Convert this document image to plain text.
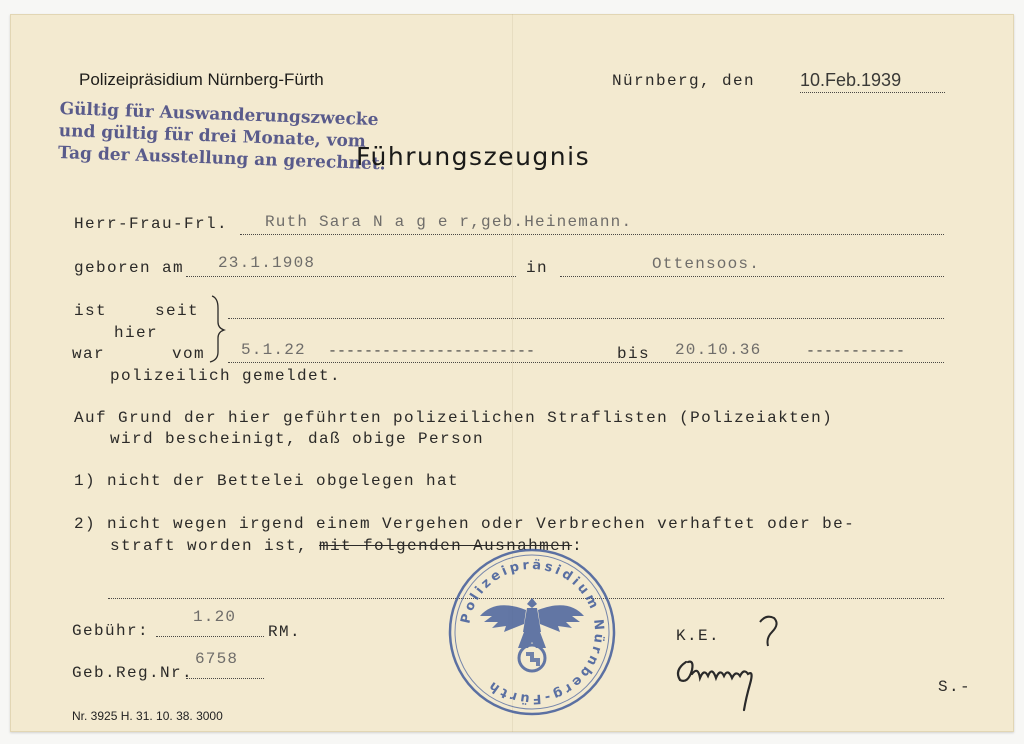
Polizeipräsidium Nürnberg-Fürth	Nürnberg, den 10.Feb.1939
Gültig für Auswanderungszwecke
und gültig für drei Monate, vom
Tag der Ausstellung an gerechnet.
Führungszeugnis
Herr-Frau-Frl. Ruth Sara N a g e r,geb.Heinemann.
geboren am 23.1.1908	in	Ottensoos.
ist	seit
hier
war	vom 5.1.22 -----------------------	bis 20.10.36	-----------
polizeilich gemeldet.
Auf Grund der hier geführten polizeilichen Straflisten (Polizeiakten)
wird bescheinigt, daß obige Person
1) nicht der Bettelei obgelegen hat
2) nicht wegen irgend einem Vergehen oder Verbrechen verhaftet oder be-
straft worden ist, mit folgenden Ausnahmen:
Gebühr:
1.20
RM.
Geb.Reg.Nr.
6758
Polizeipräsidium Nürnberg-Fürth
K.E.
Nr. 3925 H. 31. 10. 38. 3000
S.-
